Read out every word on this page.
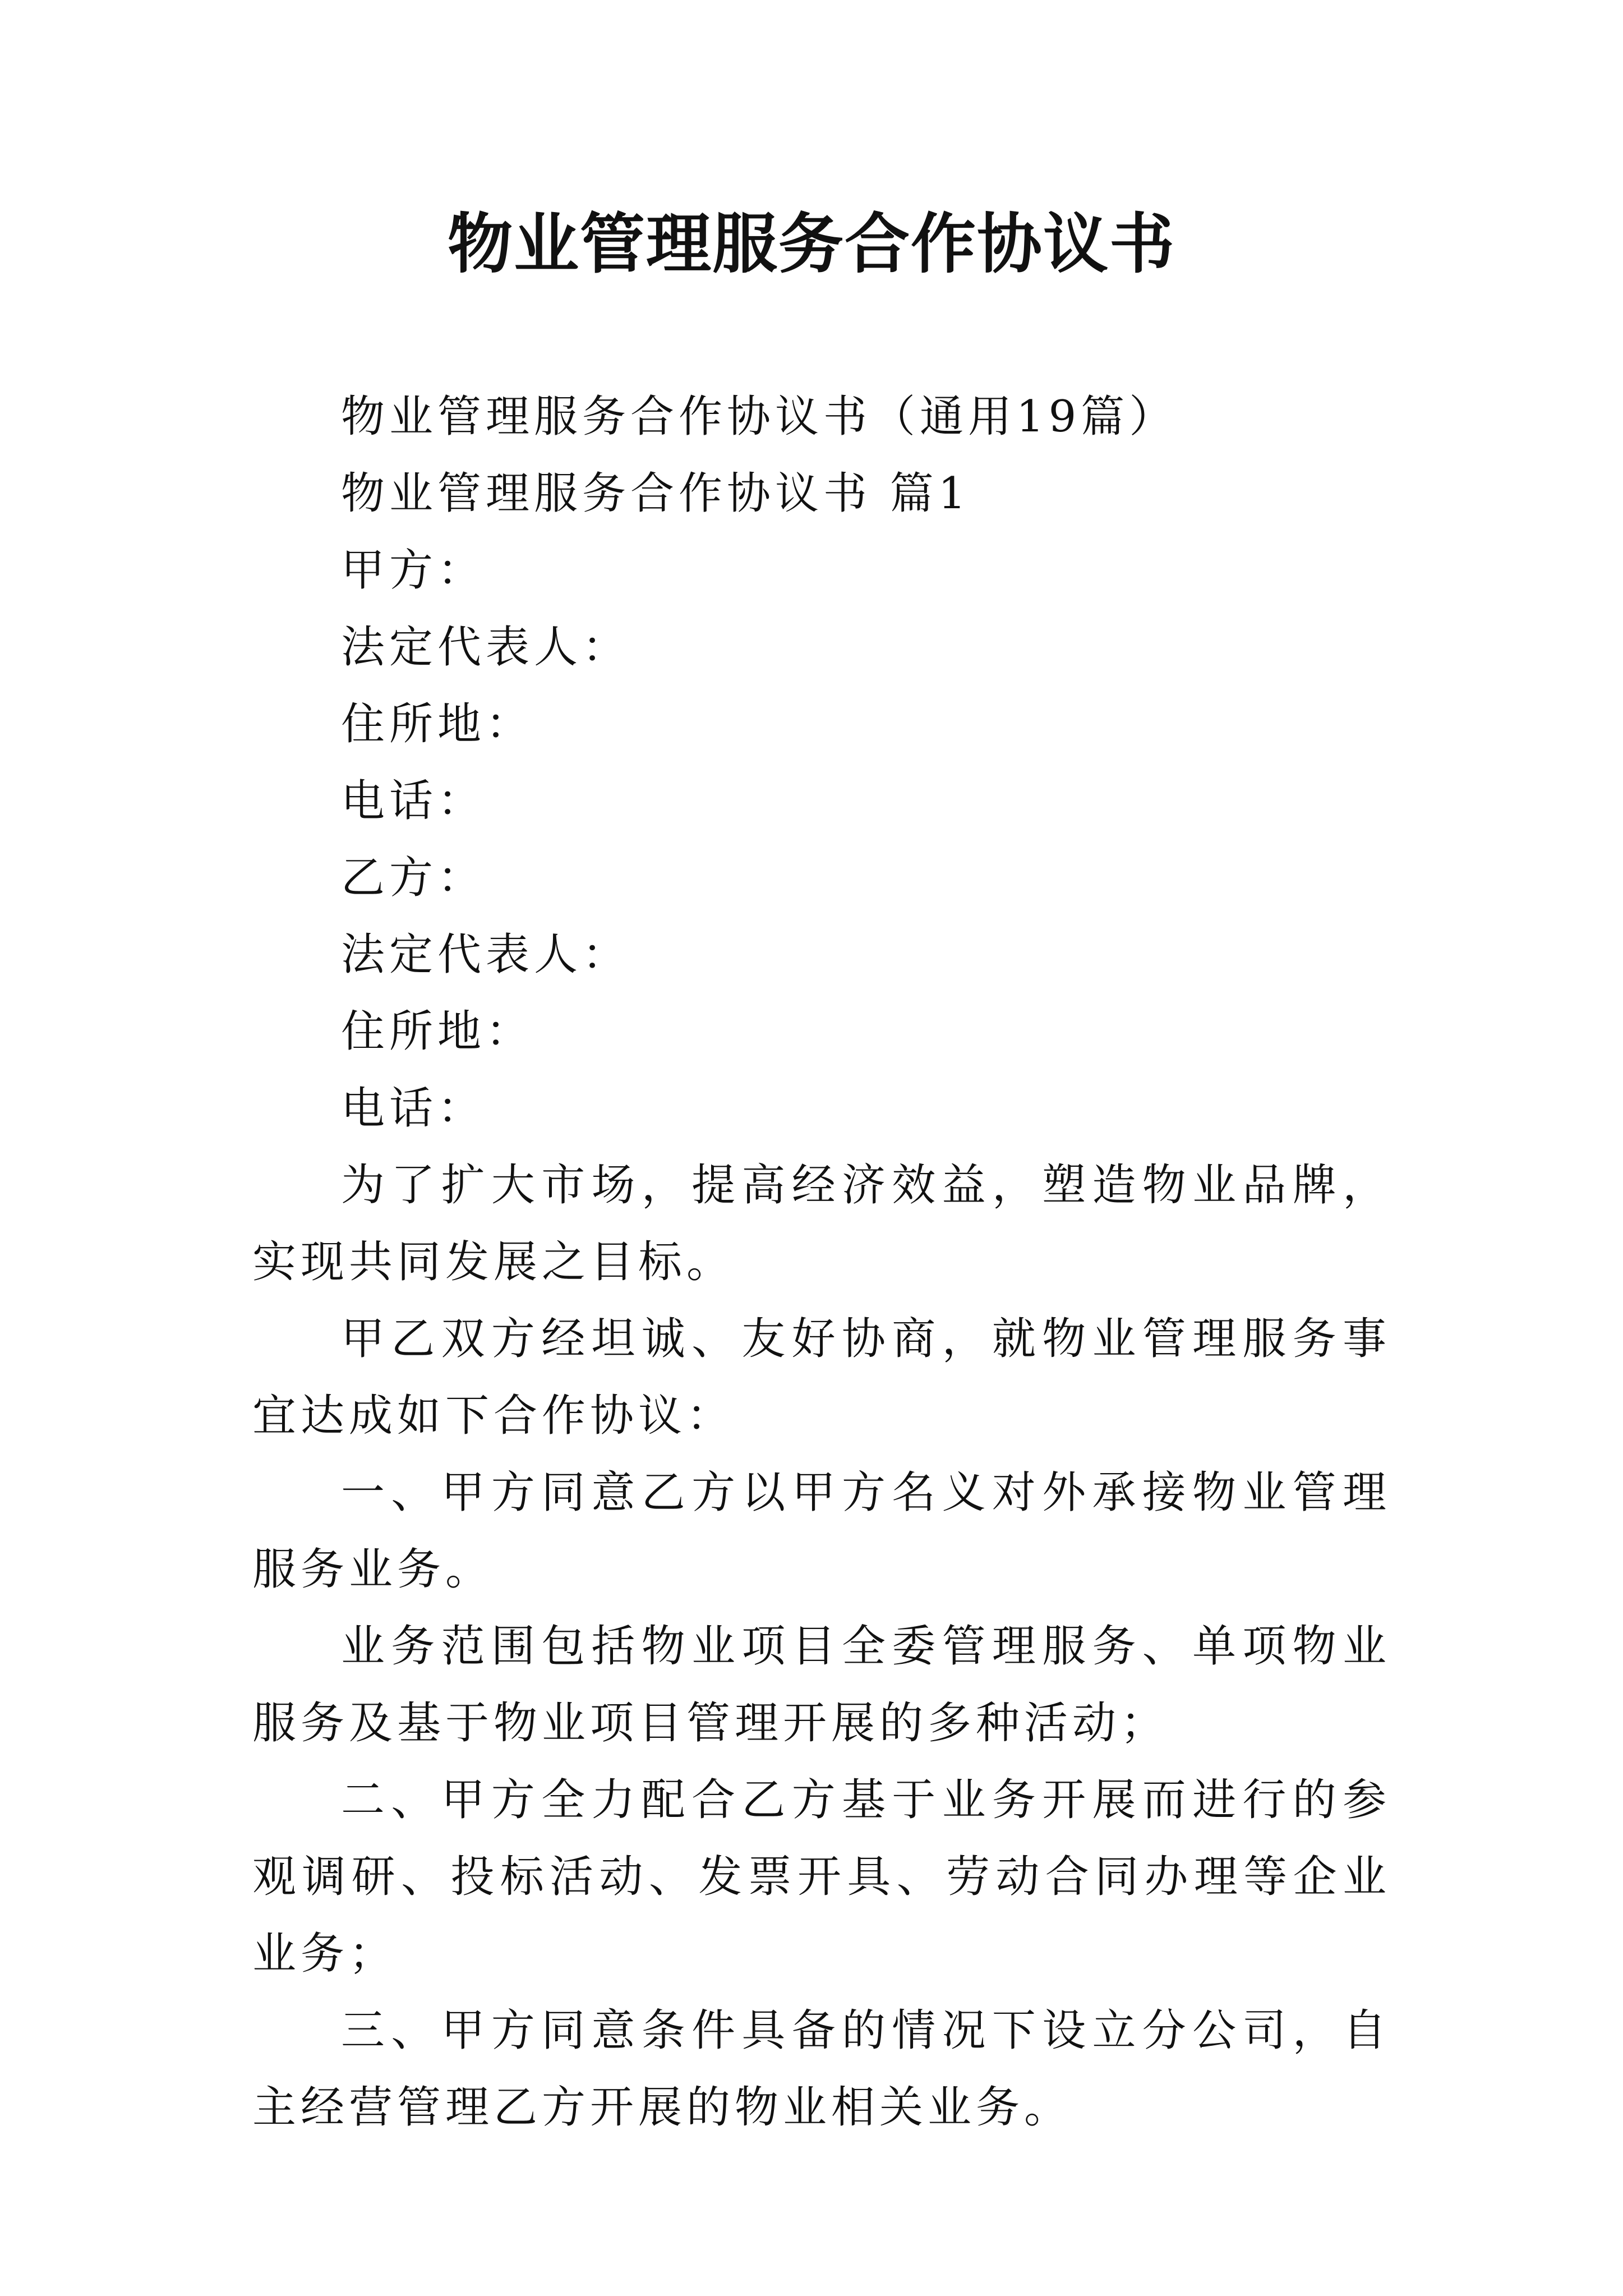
物业管理服务合作协议书

物业管理服务合作协议书（通用19篇）

物业管理服务合作协议书 篇1

甲方：

法定代表人：

住所地：

电话：

乙方：

法定代表人：

住所地：

电话：

为了扩大市场，提高经济效益，塑造物业品牌，实现共同发展之目标。

甲乙双方经坦诚、友好协商，就物业管理服务事宜达成如下合作协议：

一、甲方同意乙方以甲方名义对外承接物业管理服务业务。

业务范围包括物业项目全委管理服务、单项物业服务及基于物业项目管理开展的多种活动；

二、甲方全力配合乙方基于业务开展而进行的参观调研、投标活动、发票开具、劳动合同办理等企业业务；

三、甲方同意条件具备的情况下设立分公司，自主经营管理乙方开展的物业相关业务。
